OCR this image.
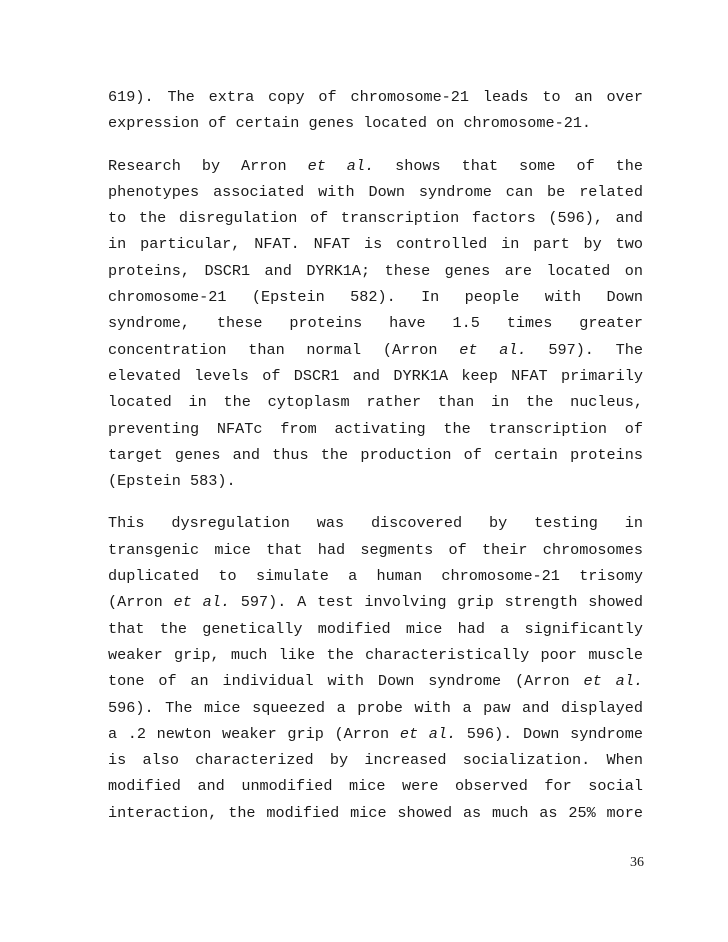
619). The extra copy of chromosome-21 leads to an over
expression of certain genes located on chromosome-21.
Research by Arron et al. shows that some of the
phenotypes associated with Down syndrome can be related
to the disregulation of transcription factors (596), and
in particular, NFAT. NFAT is controlled in part by two
proteins, DSCR1 and DYRK1A; these genes are located on
chromosome-21 (Epstein 582). In people with Down
syndrome, these proteins have 1.5 times greater
concentration than normal (Arron et al. 597). The
elevated levels of DSCR1 and DYRK1A keep NFAT primarily
located in the cytoplasm rather than in the nucleus,
preventing NFATc from activating the transcription of
target genes and thus the production of certain proteins
(Epstein 583).
This dysregulation was discovered by testing in
transgenic mice that had segments of their chromosomes
duplicated to simulate a human chromosome-21 trisomy
(Arron et al. 597). A test involving grip strength showed
that the genetically modified mice had a significantly
weaker grip, much like the characteristically poor muscle
tone of an individual with Down syndrome (Arron et al.
596). The mice squeezed a probe with a paw and displayed
a .2 newton weaker grip (Arron et al. 596). Down syndrome
is also characterized by increased socialization. When
modified and unmodified mice were observed for social
interaction, the modified mice showed as much as 25% more
36
